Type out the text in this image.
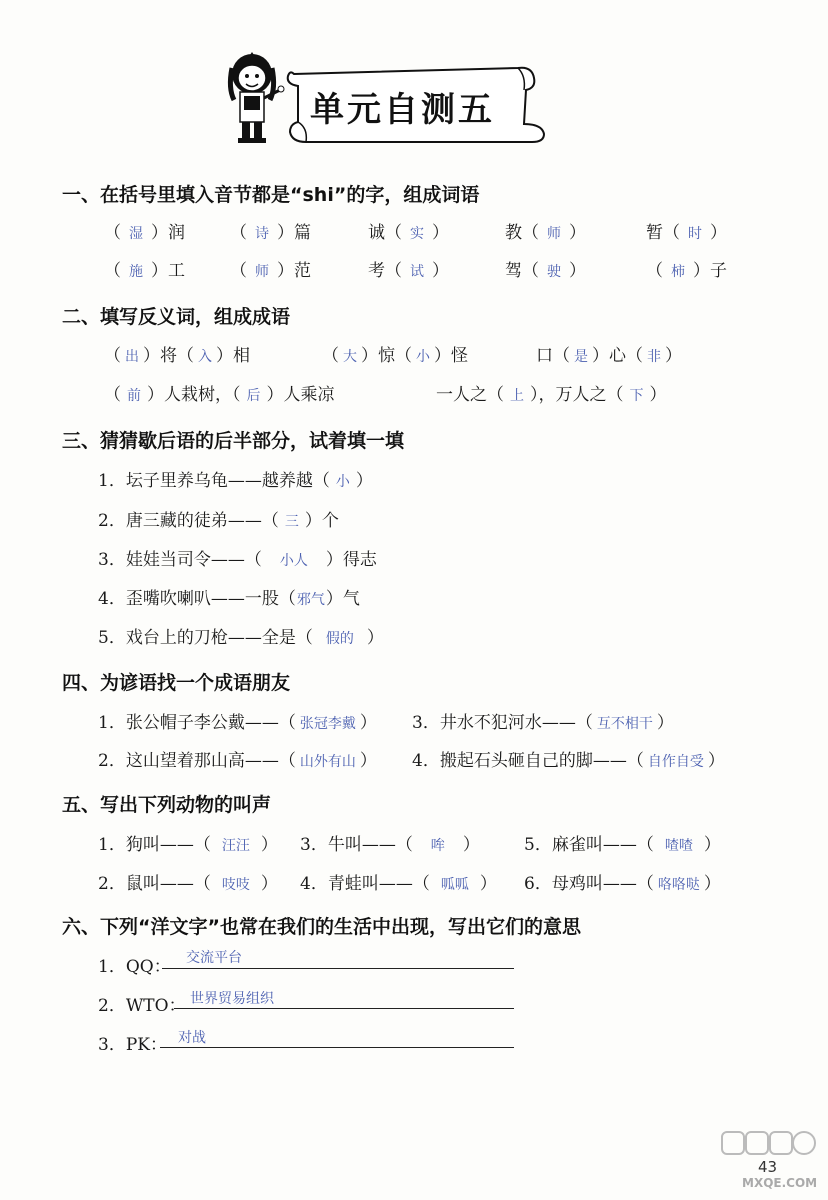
单元自测五
一、在括号里填入音节都是“shi”的字，组成词语
（ 湿 ）润	（ 诗 ）篇	诚（ 实 ）	教（ 师 ）	暂（ 时 ）
（ 施 ）工	（ 师 ）范	考（ 试 ）	驾（ 驶 ）	（ 柿 ）子
二、填写反义词，组成成语
（ 出 ）将（ 入 ）相	（ 大 ）惊（ 小 ）怪	口（ 是 ）心（ 非 ）
（ 前 ）人栽树，（ 后 ）人乘凉	一人之（ 上 ），万人之（ 下 ）
三、猜猜歇后语的后半部分，试着填一填
1．坛子里养乌龟——越养越（ 小 ）
2．唐三藏的徒弟——（ 三 ）个
3．娃娃当司令——（ 小人 ）得志
4．歪嘴吹喇叭——一股（邪气）气
5．戏台上的刀枪——全是（ 假的 ）
四、为谚语找一个成语朋友
1．张公帽子李公戴——（ 张冠李戴 ） 3．井水不犯河水——（ 互不相干 ）
2．这山望着那山高——（ 山外有山 ） 4．搬起石头砸自己的脚——（ 自作自受 ）
五、写出下列动物的叫声
1．狗叫——（ 汪汪 ） 3．牛叫——（ 哞 ）	5．麻雀叫——（ 喳喳 ）
2．鼠叫——（ 吱吱 ） 4．青蛙叫——（ 呱呱 ） 6．母鸡叫——（ 咯咯哒 ）
六、下列“洋文字”也常在我们的生活中出现，写出它们的意思
1．QQ： 交流平台
2．WTO： 世界贸易组织
3．PK： 对战
43
MXQE.COM
